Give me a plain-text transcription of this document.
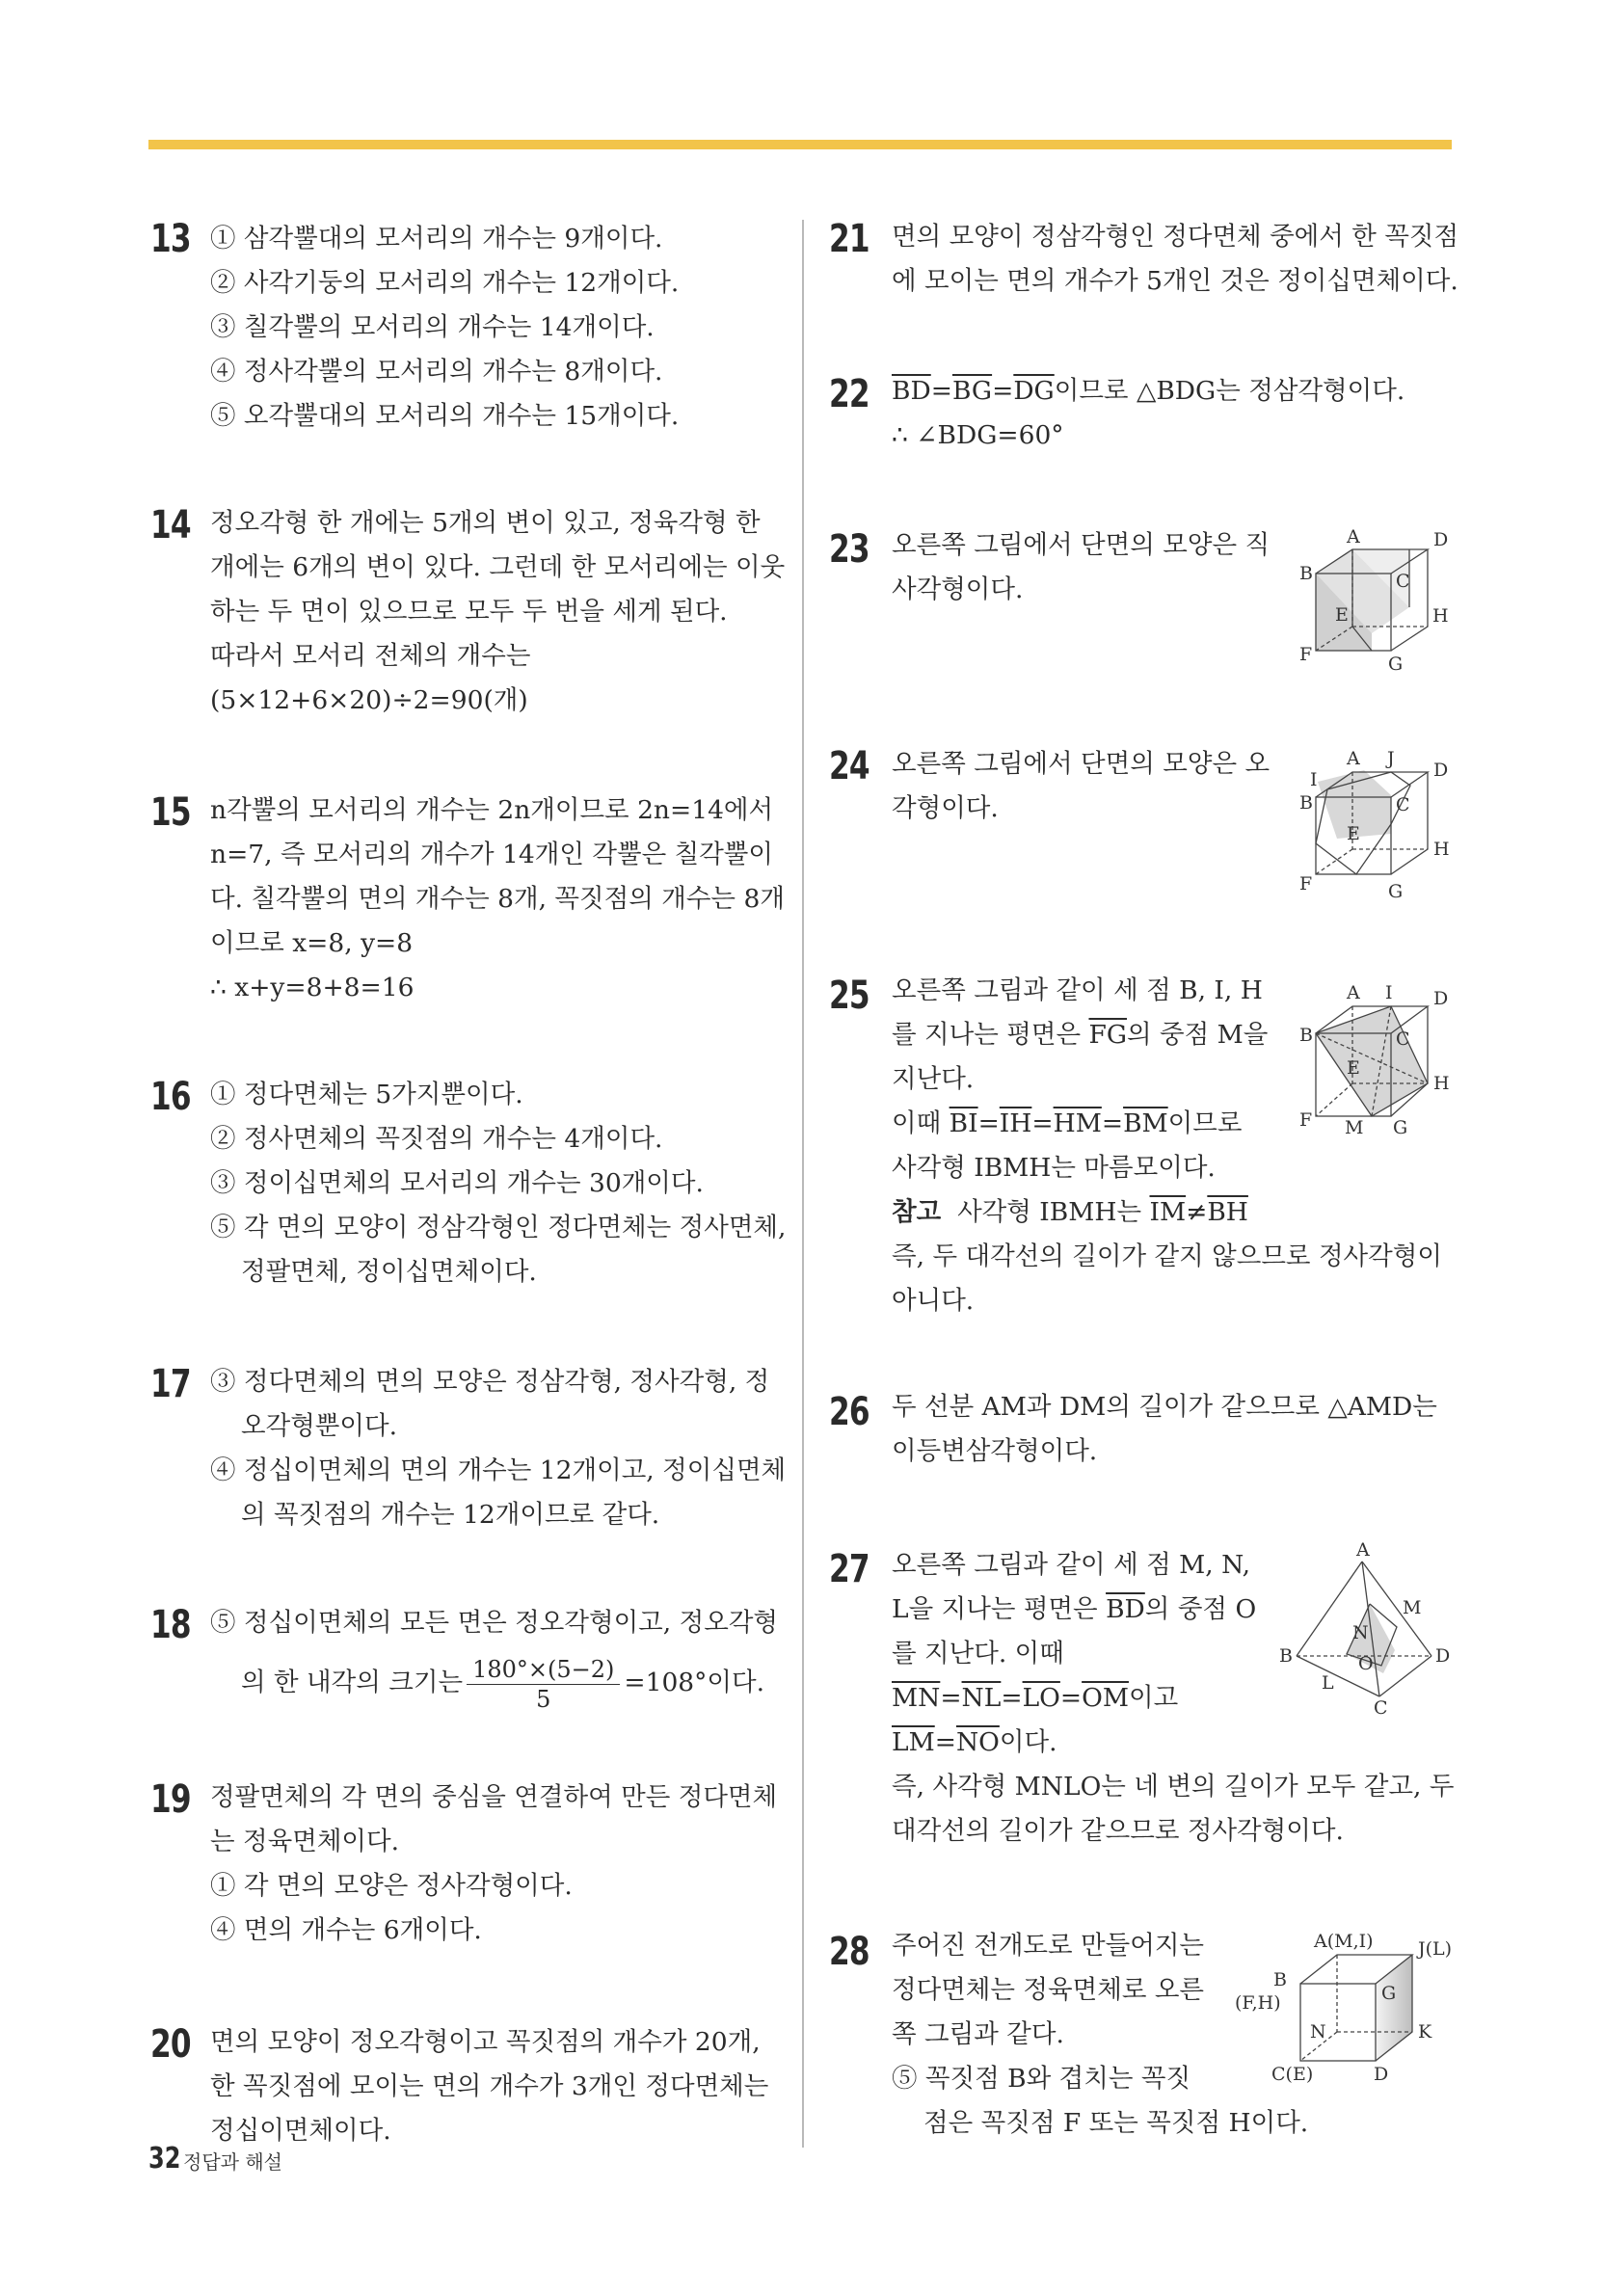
13 ① 삼각뿔대의 모서리의 개수는 9개이다.
② 사각기둥의 모서리의 개수는 12개이다.
③ 칠각뿔의 모서리의 개수는 14개이다.
④ 정사각뿔의 모서리의 개수는 8개이다.
⑤ 오각뿔대의 모서리의 개수는 15개이다.
14 정오각형 한 개에는 5개의 변이 있고, 정육각형 한
개에는 6개의 변이 있다. 그런데 한 모서리에는 이웃
하는 두 면이 있으므로 모두 두 번을 세게 된다.
따라서 모서리 전체의 개수는
(5×12+6×20)÷2=90(개)
15 n각뿔의 모서리의 개수는 2n개이므로 2n=14에서
n=7, 즉 모서리의 개수가 14개인 각뿔은 칠각뿔이
다. 칠각뿔의 면의 개수는 8개, 꼭짓점의 개수는 8개
이므로 x=8, y=8
∴ x+y=8+8=16
16 ① 정다면체는 5가지뿐이다.
② 정사면체의 꼭짓점의 개수는 4개이다.
③ 정이십면체의 모서리의 개수는 30개이다.
⑤ 각 면의 모양이 정삼각형인 정다면체는 정사면체,
정팔면체, 정이십면체이다.
17 ③ 정다면체의 면의 모양은 정삼각형, 정사각형, 정
오각형뿐이다.
④ 정십이면체의 면의 개수는 12개이고, 정이십면체
의 꼭짓점의 개수는 12개이므로 같다.
18 ⑤ 정십이면체의 모든 면은 정오각형이고, 정오각형
의 한 내각의 크기는 $\frac{180^\circ\times(5-2)}{5} =108^\circ$이다.
19 정팔면체의 각 면의 중심을 연결하여 만든 정다면체
는 정육면체이다.
① 각 면의 모양은 정사각형이다.
④ 면의 개수는 6개이다.
20 면의 모양이 정오각형이고 꼭짓점의 개수가 20개,
한 꼭짓점에 모이는 면의 개수가 3개인 정다면체는
정십이면체이다.
21 면의 모양이 정삼각형인 정다면체 중에서 한 꼭짓점
에 모이는 면의 개수가 5개인 것은 정이십면체이다.
22 $\overline{BD}=\overline{BG}=\overline{DG}$이므로 △BDG는 정삼각형이다.
∴ ∠BDG=60°
23 오른쪽 그림에서 단면의 모양은 직
사각형이다.
A	D
B	C
E	H
F	G
24 오른쪽 그림에서 단면의 모양은 오
각형이다.
A J
D
I
B	C
E
H
F	G
25 오른쪽 그림과 같이 세 점 B, I, H
를 지나는 평면은 $\overline{FG}$의 중점 M을
지난다.
이때 $\overline{BI}=\overline{IH}=\overline{HM}=\overline{BM}$이므로
사각형 IBMH는 마름모이다.
참고 사각형 IBMH는 $\overline{IM}\ne\overline{BH}$
즉, 두 대각선의 길이가 같지 않으므로 정사각형이
아니다.
A I D
B	C
E
H
F M G
26 두 선분 AM과 DM의 길이가 같으므로 △AMD는
이등변삼각형이다.
27 오른쪽 그림과 같이 세 점 M, N,
L을 지나는 평면은 $\overline{BD}$의 중점 O
를 지난다. 이때
$\overline{MN}=\overline{NL}=\overline{LO}=\overline{OM}$이고
$\overline{LM}=\overline{NO}$이다.
즉, 사각형 MNLO는 네 변의 길이가 모두 같고, 두
대각선의 길이가 같으므로 정사각형이다.
A
M
N
B	O	D
L
C
28 주어진 전개도로 만들어지는
정다면체는 정육면체로 오른
쪽 그림과 같다.
⑤ 꼭짓점 B와 겹치는 꼭짓
점은 꼭짓점 F 또는 꼭짓점 H이다.
A(M,I) J(L)
B
(F,H)	G
N	K
C(E)	D
32 정답과 해설
